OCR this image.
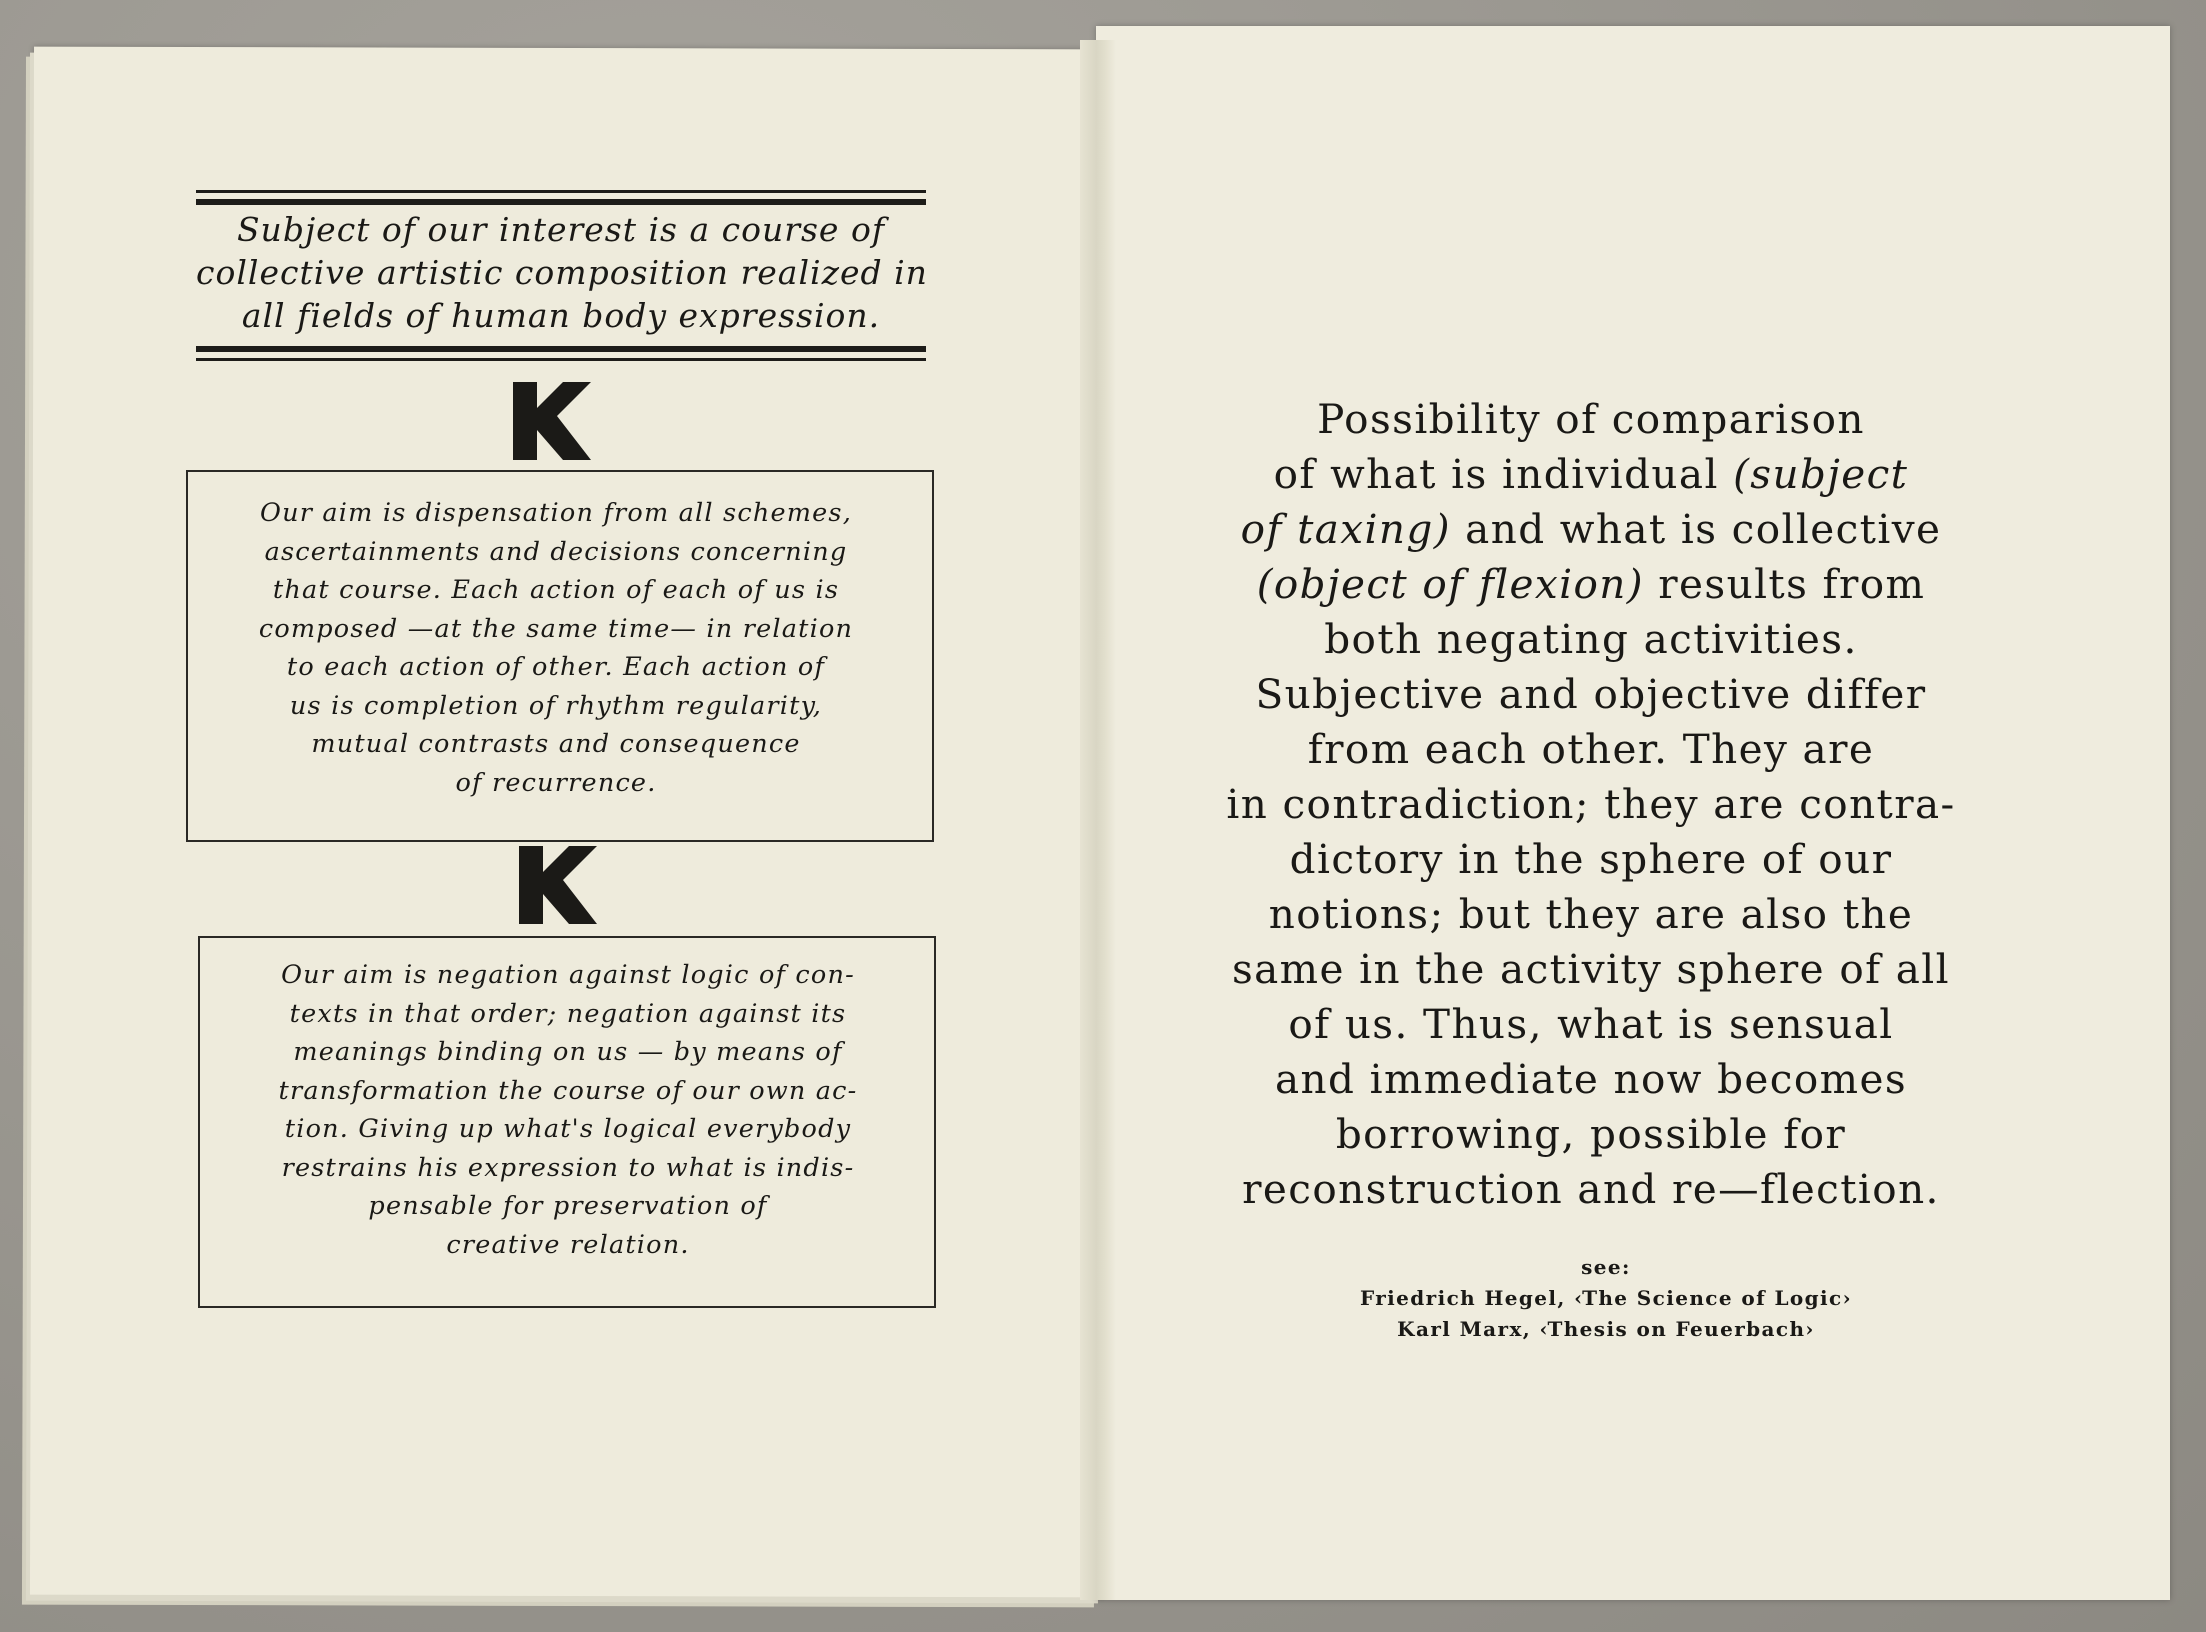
Subject of our interest is a course of
collective artistic composition realized in
all fields of human body expression.
Our aim is dispensation from all schemes,
ascertainments and decisions concerning
that course. Each action of each of us is
composed —at the same time— in relation
to each action of other. Each action of
us is completion of rhythm regularity,
mutual contrasts and consequence
of recurrence.
Our aim is negation against logic of con-
texts in that order; negation against its
meanings binding on us — by means of
transformation the course of our own ac-
tion. Giving up what's logical everybody
restrains his expression to what is indis-
pensable for preservation of
creative relation.
Possibility of comparison
of what is individual (subject
of taxing) and what is collective
(object of flexion) results from
both negating activities.
Subjective and objective differ
from each other. They are
in contradiction; they are contra-
dictory in the sphere of our
notions; but they are also the
same in the activity sphere of all
of us. Thus, what is sensual
and immediate now becomes
borrowing, possible for
reconstruction and re—flection.
see:
Friedrich Hegel, ‹The Science of Logic›
Karl Marx, ‹Thesis on Feuerbach›
